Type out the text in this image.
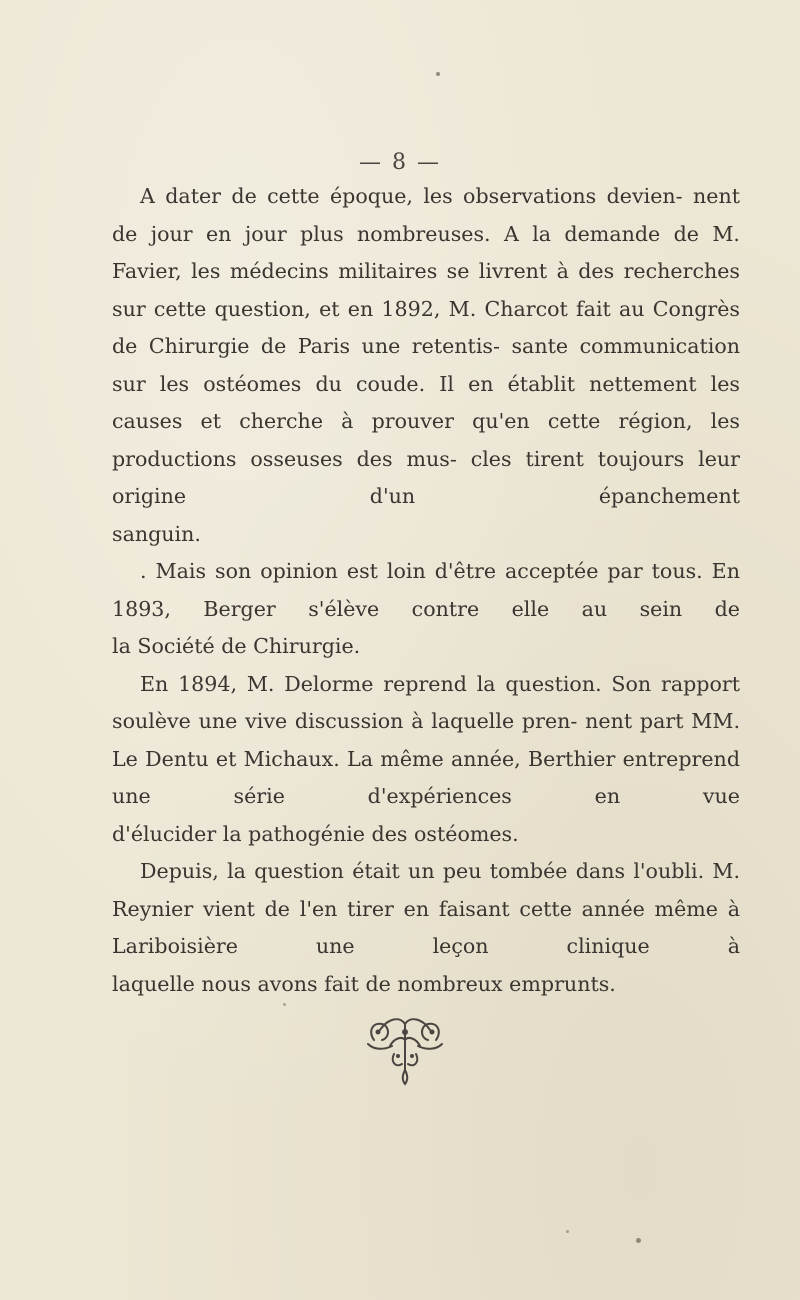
— 8 —

A dater de cette époque, les observations devien- nent de jour en jour plus nombreuses. A la demande de M. Favier, les médecins militaires se livrent à des recherches sur cette question, et en 1892, M. Charcot fait au Congrès de Chirurgie de Paris une retentis- sante communication sur les ostéomes du coude. Il en établit nettement les causes et cherche à prouver qu'en cette région, les productions osseuses des mus- cles tirent toujours leur origine d'un épanchement

sanguin.

. Mais son opinion est loin d'être acceptée par tous. En 1893, Berger s'élève contre elle au sein de

la Société de Chirurgie.

En 1894, M. Delorme reprend la question. Son rapport soulève une vive discussion à laquelle pren- nent part MM. Le Dentu et Michaux. La même année, Berthier entreprend une série d'expériences en vue

d'élucider la pathogénie des ostéomes.

Depuis, la question était un peu tombée dans l'oubli. M. Reynier vient de l'en tirer en faisant cette année même à Lariboisière une leçon clinique à

laquelle nous avons fait de nombreux emprunts.
